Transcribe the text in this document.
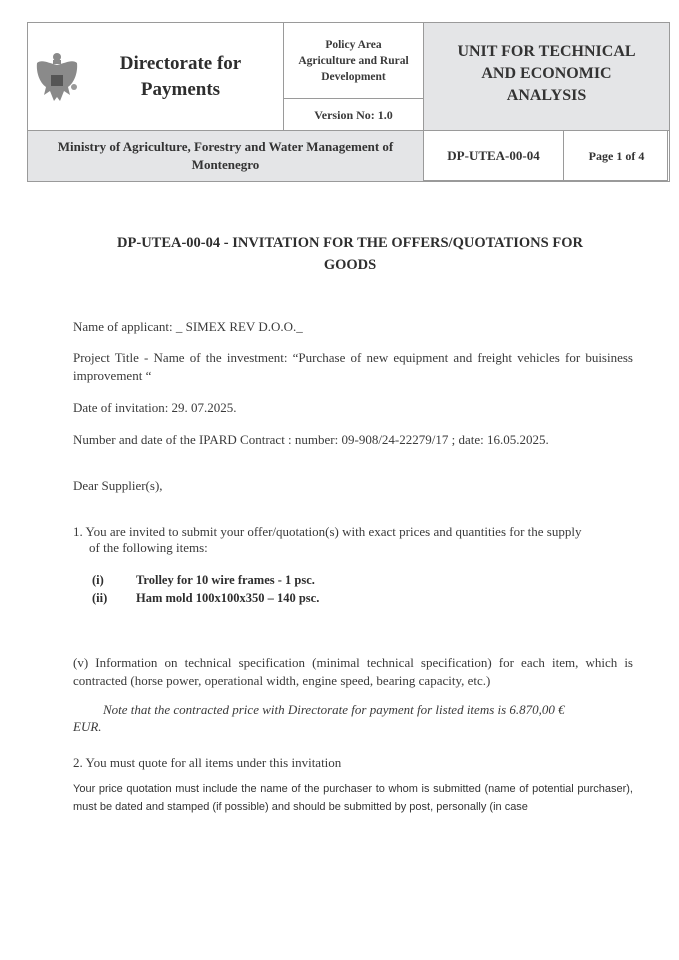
Directorate for
Payments
Policy Area
Agriculture and Rural
Development
Version No: 1.0
UNIT FOR TECHNICAL
AND ECONOMIC
ANALYSIS
Ministry of Agriculture, Forestry and Water Management of
Montenegro
DP-UTEA-00-04	Page 1 of 4
DP-UTEA-00-04 - INVITATION FOR THE OFFERS/QUOTATIONS FOR
GOODS
Name of applicant: _ SIMEX REV D.O.O._
Project Title - Name of the investment: “Purchase of new equipment and freight vehicles for buisiness improvement “
Date of invitation: 29. 07.2025.
Number and date of the IPARD Contract : number: 09-908/24-22279/17 ; date: 16.05.2025.
Dear Supplier(s),
1. You are invited to submit your offer/quotation(s) with exact prices and quantities for the supply
of the following items:
(i)	Trolley for 10 wire frames - 1 psc.
(ii) Ham mold 100x100x350 – 140 psc.
(v) Information on technical specification (minimal technical specification) for each item, which is contracted (horse power, operational width, engine speed, bearing capacity, etc.)
Note that the contracted price with Directorate for payment for listed items is 6.870,00 €
EUR.
2. You must quote for all items under this invitation
Your price quotation must include the name of the purchaser to whom is submitted (name of potential purchaser), must be dated and stamped (if possible) and should be submitted by post, personally (in case
